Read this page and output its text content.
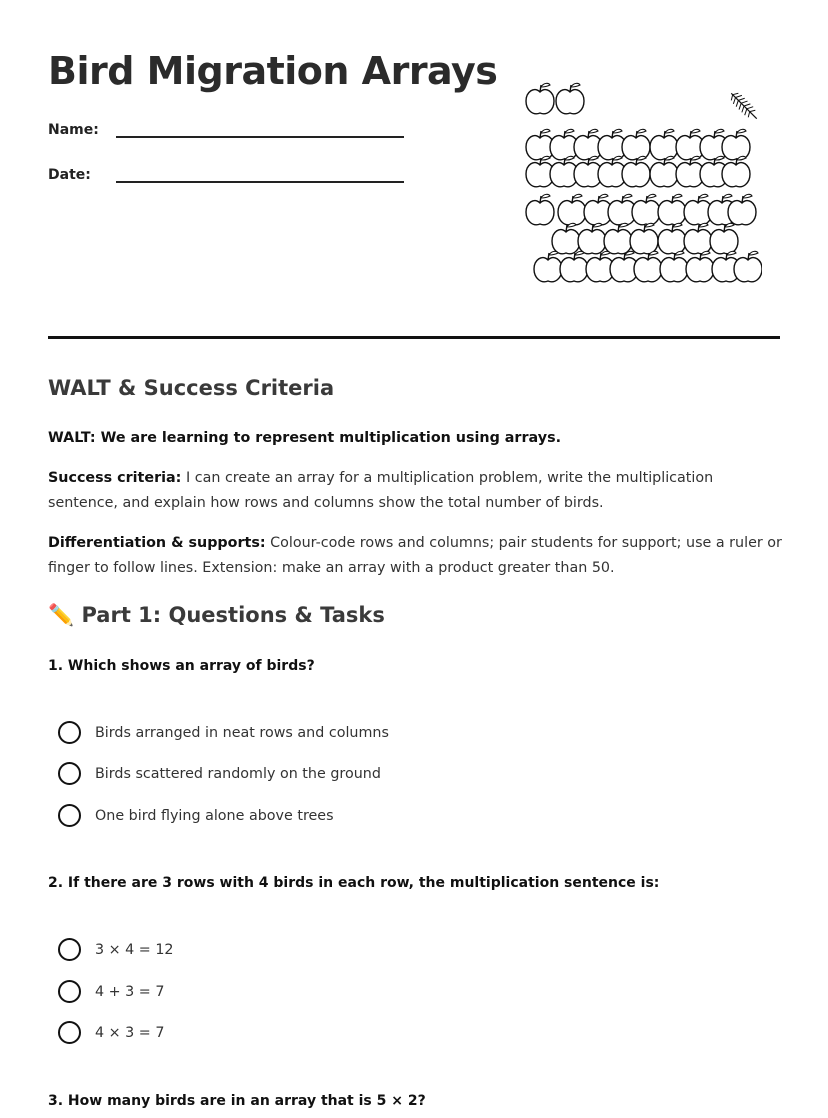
Bird Migration Arrays
Name:
Date:
WALT & Success Criteria

WALT: We are learning to represent multiplication using arrays.

Success criteria: I can create an array for a multiplication problem, write the multiplication sentence, and explain how rows and columns show the total number of birds.

Differentiation & supports: Colour-code rows and columns; pair students for support; use a ruler or finger to follow lines. Extension: make an array with a product greater than 50.

✏️ Part 1: Questions & Tasks

1. Which shows an array of birds?

Birds arranged in neat rows and columns
Birds scattered randomly on the ground
One bird flying alone above trees

2. If there are 3 rows with 4 birds in each row, the multiplication sentence is:

3 × 4 = 12
4 + 3 = 7
4 × 3 = 7

3. How many birds are in an array that is 5 × 2?
